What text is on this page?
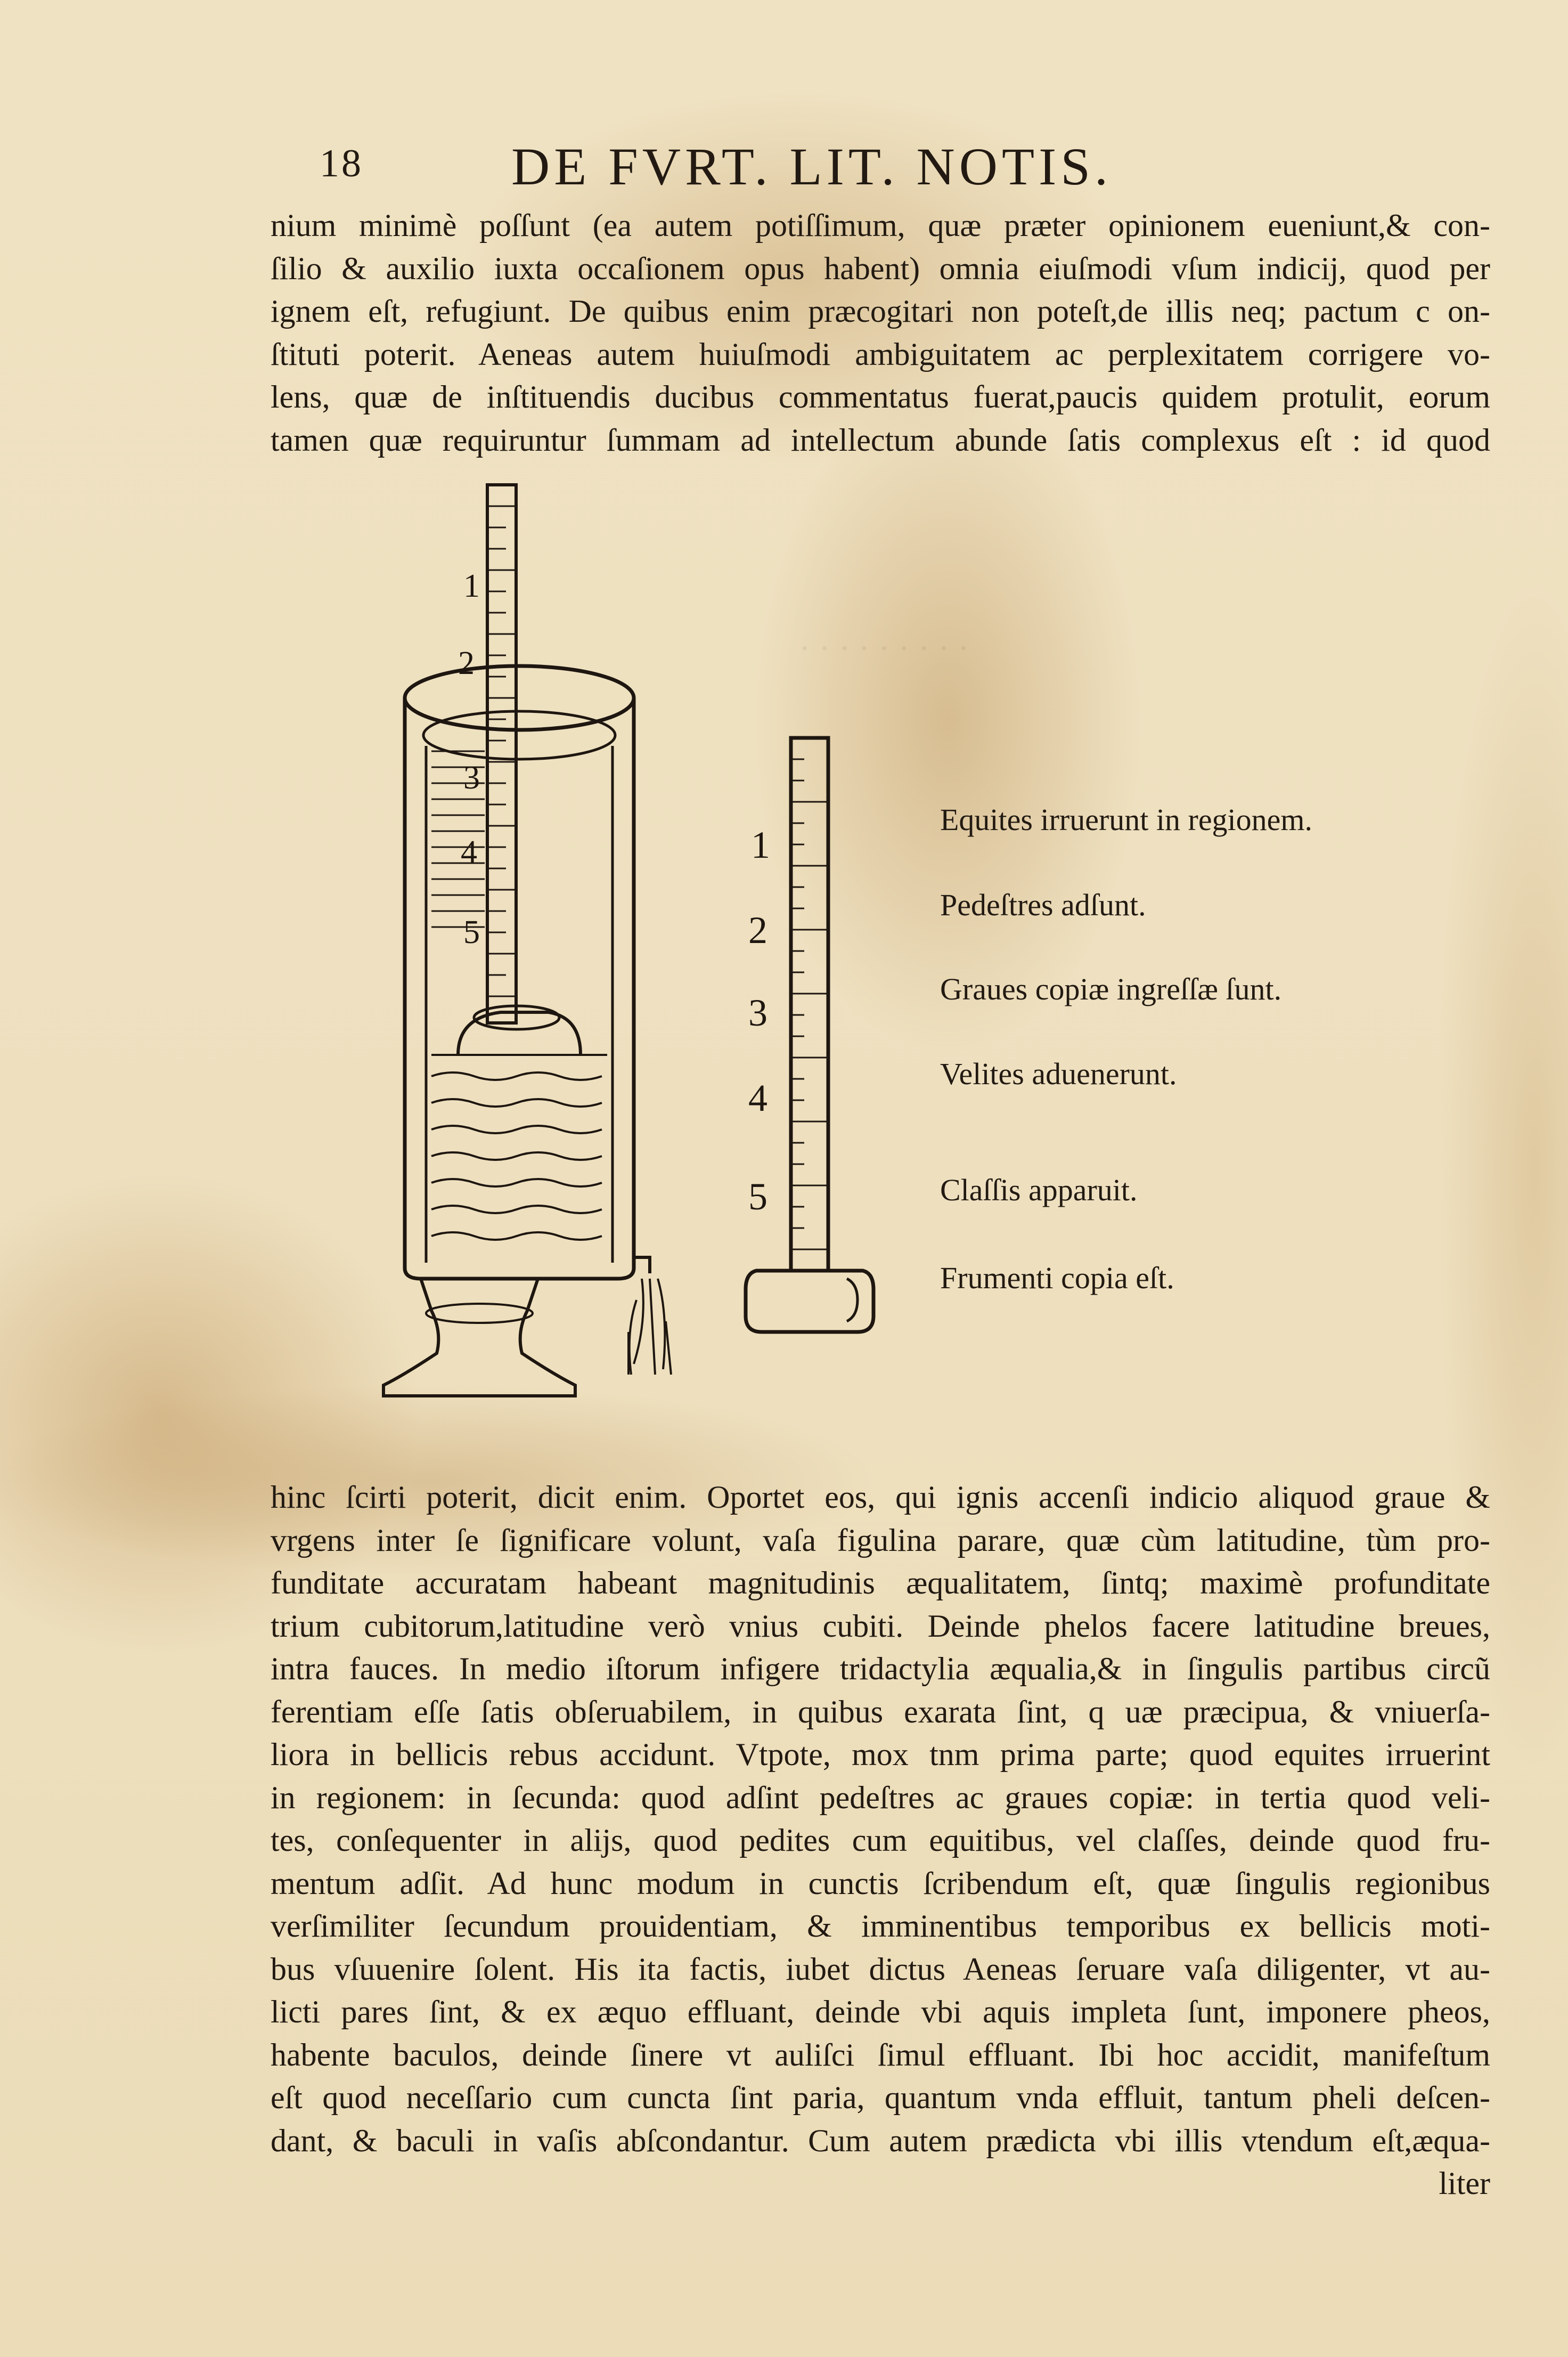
· · · · · · · · ·
18	DE FVRT. LIT. NOTIS.
nium minimè poſſunt (ea autem potiſſimum, quæ præter opinionem eueniunt,& con-
ſilio & auxilio iuxta occaſionem opus habent) omnia eiuſmodi vſum indicij, quod per
ignem eſt, refugiunt. De quibus enim præcogitari non poteſt,de illis neq; pactum c on-
ſtituti poterit. Aeneas autem huiuſmodi ambiguitatem ac perplexitatem corrigere vo-
lens, quæ de inſtituendis ducibus commentatus fuerat,paucis quidem protulit, eorum
tamen quæ requiruntur ſummam ad intellectum abunde ſatis complexus eſt : id quod
1
2
3
4
5
1
2
3
4
5
Equites irruerunt in regionem.
Pedeſtres adſunt.
Graues copiæ ingreſſæ ſunt.
Velites aduenerunt.
Claſſis apparuit.
Frumenti copia eſt.
hinc ſcirti poterit, dicit enim. Oportet eos, qui ignis accenſi indicio aliquod graue &
vrgens inter ſe ſignificare volunt, vaſa figulina parare, quæ cùm latitudine, tùm pro-
funditate accuratam habeant magnitudinis æqualitatem, ſintq; maximè profunditate
trium cubitorum,latitudine verò vnius cubiti. Deinde phelos facere latitudine breues,
intra fauces. In medio iſtorum infigere tridactylia æqualia,& in ſingulis partibus circũ
ferentiam eſſe ſatis obſeruabilem, in quibus exarata ſint, q uæ præcipua, & vniuerſa-
liora in bellicis rebus accidunt. Vtpote, mox tnm prima parte; quod equites irruerint
in regionem: in ſecunda: quod adſint pedeſtres ac graues copiæ: in tertia quod veli-
tes, conſequenter in alijs, quod pedites cum equitibus, vel claſſes, deinde quod fru-
mentum adſit. Ad hunc modum in cunctis ſcribendum eſt, quæ ſingulis regionibus
verſimiliter ſecundum prouidentiam, & imminentibus temporibus ex bellicis moti-
bus vſuuenire ſolent. His ita factis, iubet dictus Aeneas ſeruare vaſa diligenter, vt au-
licti pares ſint, & ex æquo effluant, deinde vbi aquis impleta ſunt, imponere pheos,
habente baculos, deinde ſinere vt auliſci ſimul effluant. Ibi hoc accidit, manifeſtum
eſt quod neceſſario cum cuncta ſint paria, quantum vnda effluit, tantum pheli deſcen-
dant, & baculi in vaſis abſcondantur. Cum autem prædicta vbi illis vtendum eſt,æqua-
liter
